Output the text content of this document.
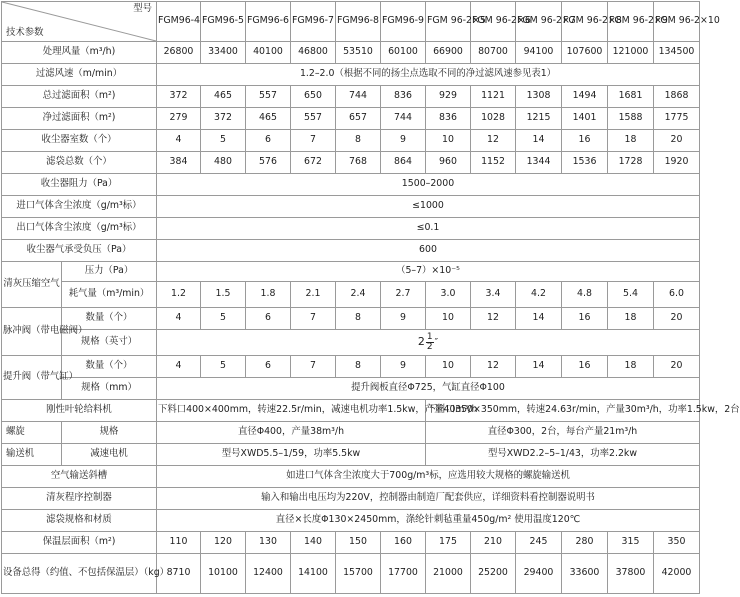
型号
技术参数		FGM96-4	FGM96-5	FGM96-6	FGM96-7	FGM96-8	FGM96-9	FGM 96-2×5	FGM 96-2×6	FGM 96-2×7	FGM 96-2×8	FGM 96-2×9	FGM 96-2×10
处理风量（m³/h)		26800	33400	40100	46800	53510	60100	66900	80700	94100	107600	121000	134500
过滤风速（m/min）		1.2–2.0（根据不同的扬尘点选取不同的净过滤风速参见表1）											
总过滤面积（m²)		372	465	557	650	744	836	929	1121	1308	1494	1681	1868
净过滤面积（m²)		279	372	465	557	657	744	836	1028	1215	1401	1588	1775
收尘器室数（个）		4	5	6	7	8	9	10	12	14	16	18	20
滤袋总数（个）		384	480	576	672	768	864	960	1152	1344	1536	1728	1920
收尘器阻力（Pa）		1500–2000											
进口气体含尘浓度（g/m³标）		≤1000											
出口气体含尘浓度（g/m³标）		≤0.1											
收尘器气承受负压（Pa）		600											
清灰压缩空气	压力（Pa）	（5–7）×10⁻⁵											
	耗气量（m³/min）	1.2	1.5	1.8	2.1	2.4	2.7	3.0	3.4	4.2	4.8	5.4	6.0
脉冲阀（带电磁阀）	数量（个）	4	5	6	7	8	9	10	12	14	16	18	20
	规格（英寸）	$2 \frac{1}{2}$ ″											
提升阀（带气缸）	数量（个）	4	5	6	7	8	9	10	12	14	16	18	20
	规格（mm）	提升阀板直径Φ725，气缸直径Φ100											
刚性叶轮给料机		下料口400×400mm，转速22.5r/min，减速电机功率1.5kw，产量40m³/h						下料口350×350mm，转速24.63r/min，产量30m³/h，功率1.5kw，2台					
螺旋	规格	直径Φ400，产量38m³/h						直径Φ300，2台，每台产量21m³/h					
输送机	减速电机	型号XWD5.5–1/59，功率5.5kw						型号XWD2.2–5–1/43，功率2.2kw					
空气输送斜槽		如进口气体含尘浓度大于700g/m³标，应选用较大规格的螺旋输送机											
清灰程序控制器		输入和输出电压均为220V，控制器由制造厂配套供应，详细资料看控制器说明书											
滤袋规格和材质		直径×长度Φ130×2450mm，涤纶针刺毡重量450g/m² 使用温度120℃											
保温层面积（m²)		110	120	130	140	150	160	175	210	245	280	315	350
设备总得（约值、不包括保温层）（kg）		8710	10100	12400	14100	15700	17700	21000	25200	29400	33600	37800	42000
